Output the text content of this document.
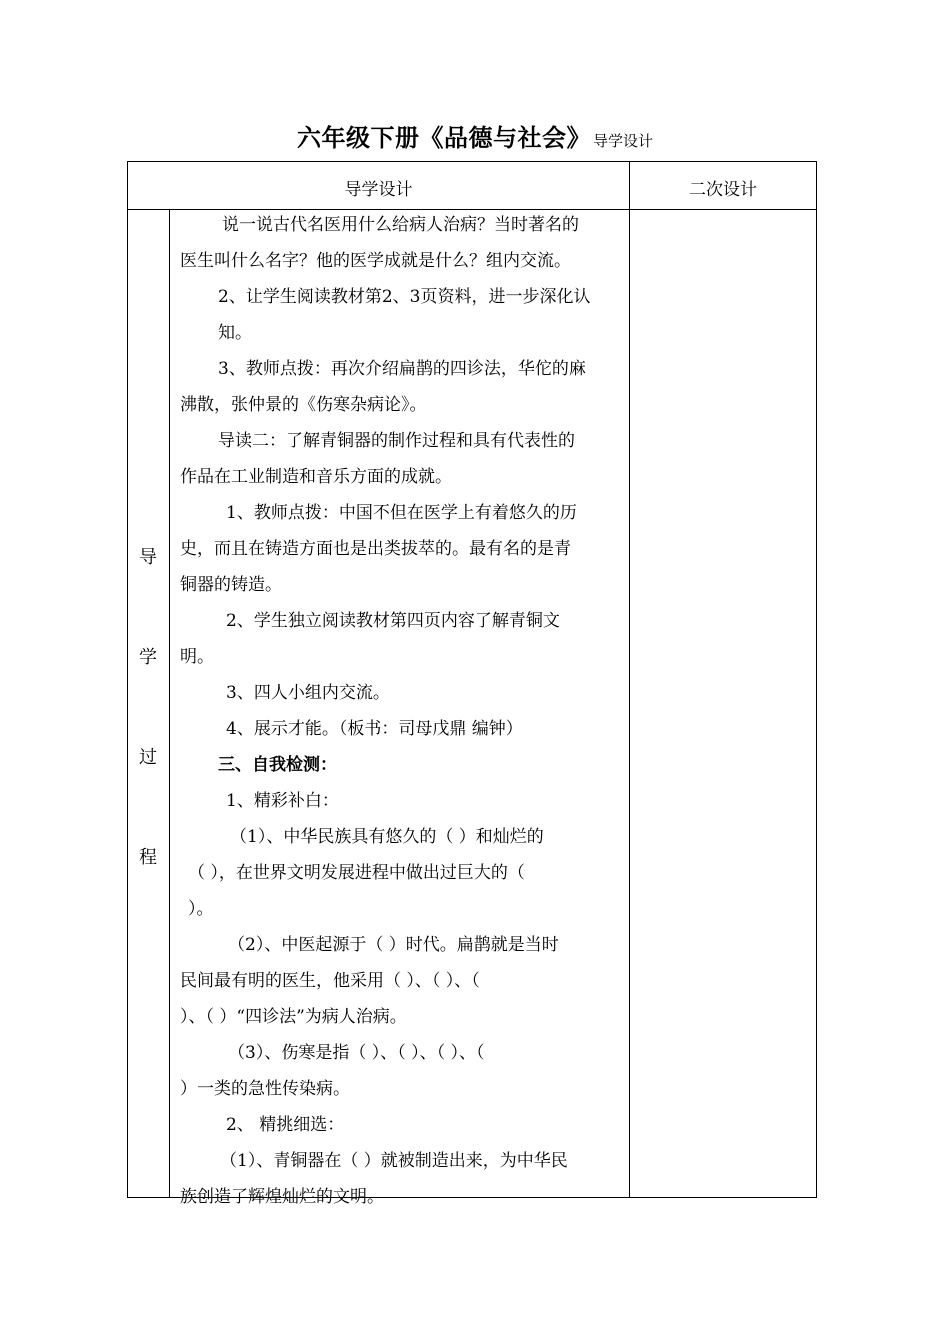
六年级下册《品德与社会》 导学设计
导学设计	二次设计
导
学
过
程
说一说古代名医用什么给病人治病？当时著名的
医生叫什么名字？他的医学成就是什么？组内交流。
2、让学生阅读教材第2、3页资料，进一步深化认
知。
3、教师点拨：再次介绍扁鹊的四诊法，华佗的麻
沸散，张仲景的《伤寒杂病论》。
导读二：了解青铜器的制作过程和具有代表性的
作品在工业制造和音乐方面的成就。
1、教师点拨：中国不但在医学上有着悠久的历
史，而且在铸造方面也是出类拔萃的。最有名的是青
铜器的铸造。
2、学生独立阅读教材第四页内容了解青铜文
明。
3、四人小组内交流。
4、展示才能。（板书：司母戊鼎 编钟）
三、自我检测：
1、精彩补白：
（1）、中华民族具有悠久的（ ）和灿烂的
（ ），在世界文明发展进程中做出过巨大的（
）。
（2）、中医起源于（ ）时代。扁鹊就是当时
民间最有明的医生，他采用（ ）、（ ）、（
）、（ ）“四诊法”为病人治病。
（3）、伤寒是指（ ）、（ ）、（ ）、（
）一类的急性传染病。
2、 精挑细选：
（1）、青铜器在（ ）就被制造出来，为中华民
族创造了辉煌灿烂的文明。
